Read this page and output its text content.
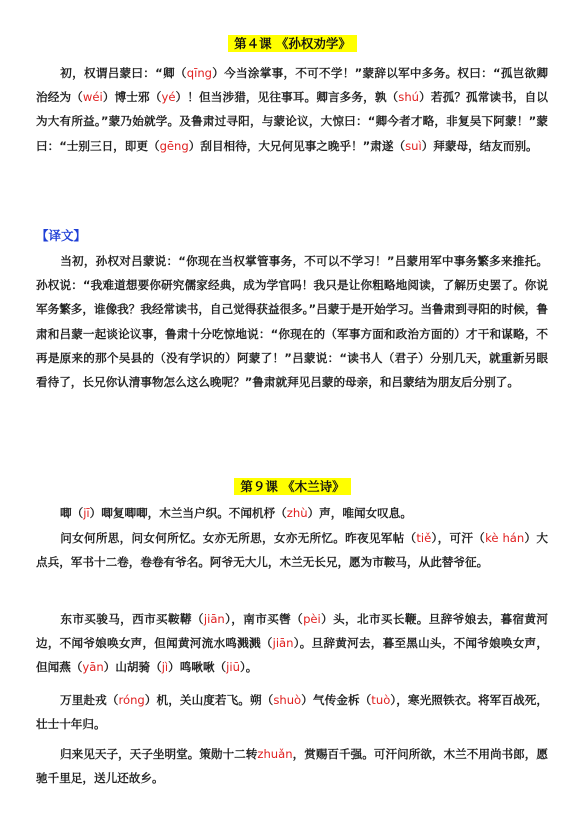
第４课 《孙权劝学》

初，权谓吕蒙曰：“卿（qīng）今当涂掌事，不可不学！”蒙辞以军中多务。权曰：“孤岂欲卿治经为（wéi）博士邪（yé）！但当涉猎，见往事耳。卿言多务，孰（shú）若孤？孤常读书，自以为大有所益。”蒙乃始就学。及鲁肃过寻阳，与蒙论议，大惊曰：“卿今者才略，非复吴下阿蒙！”蒙曰：“士别三日，即更（gēng）刮目相待，大兄何见事之晚乎！”肃遂（suì）拜蒙母，结友而别。

【译文】

当初，孙权对吕蒙说：“你现在当权掌管事务，不可以不学习！”吕蒙用军中事务繁多来推托。孙权说：“我难道想要你研究儒家经典，成为学官吗！我只是让你粗略地阅读，了解历史罢了。你说军务繁多，谁像我？我经常读书，自己觉得获益很多。”吕蒙于是开始学习。当鲁肃到寻阳的时候，鲁肃和吕蒙一起谈论议事，鲁肃十分吃惊地说：“你现在的（军事方面和政治方面的）才干和谋略，不再是原来的那个吴县的（没有学识的）阿蒙了！”吕蒙说：“读书人（君子）分别几天，就重新另眼看待了，长兄你认清事物怎么这么晚呢？”鲁肃就拜见吕蒙的母亲，和吕蒙结为朋友后分别了。

第９课 《木兰诗》

唧（jī）唧复唧唧，木兰当户织。不闻机杼（zhù）声，唯闻女叹息。

问女何所思，问女何所忆。女亦无所思，女亦无所忆。昨夜见军帖（tiě），可汗（kè hán）大点兵，军书十二卷，卷卷有爷名。阿爷无大儿，木兰无长兄，愿为市鞍马，从此替爷征。

东市买骏马，西市买鞍鞯（jiān），南市买辔（pèi）头，北市买长鞭。旦辞爷娘去，暮宿黄河边，不闻爷娘唤女声，但闻黄河流水鸣溅溅（jiān）。旦辞黄河去，暮至黑山头，不闻爷娘唤女声，但闻燕（yān）山胡骑（jì）鸣啾啾（jiū）。

万里赴戎（róng）机，关山度若飞。朔（shuò）气传金柝（tuò），寒光照铁衣。将军百战死，壮士十年归。

归来见天子，天子坐明堂。策勋十二转zhuǎn，赏赐百千强。可汗问所欲，木兰不用尚书郎，愿驰千里足，送儿还故乡。
